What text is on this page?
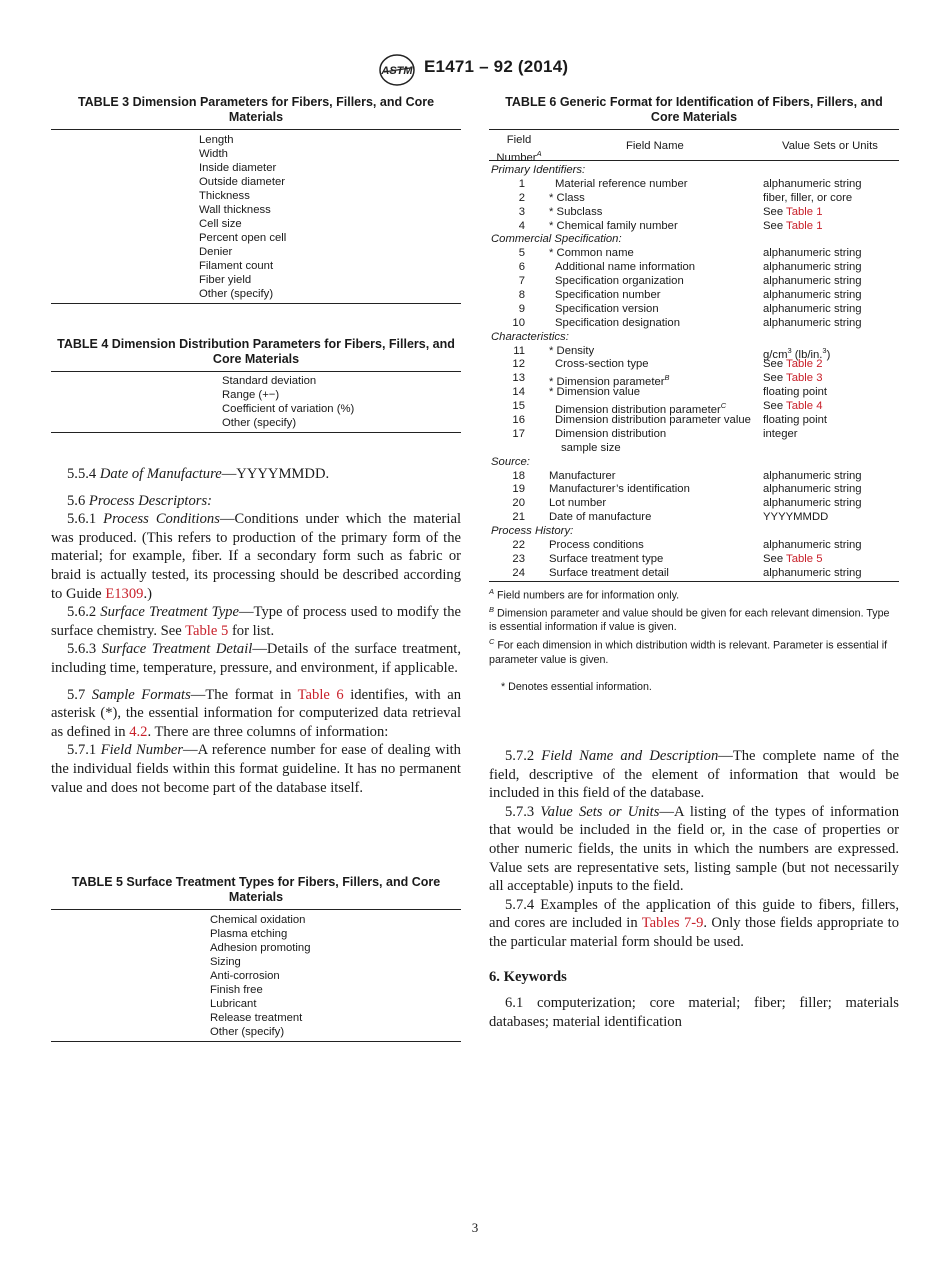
ASTM E1471 – 92 (2014)
TABLE 3 Dimension Parameters for Fibers, Fillers, and Core Materials
Length
Width
Inside diameter
Outside diameter
Thickness
Wall thickness
Cell size
Percent open cell
Denier
Filament count
Fiber yield
Other (specify)
TABLE 4 Dimension Distribution Parameters for Fibers, Fillers, and Core Materials
Standard deviation
Range (+−)
Coefficient of variation (%)
Other (specify)

5.5.4 Date of Manufacture—YYYYMMDD.

5.6 Process Descriptors:

5.6.1 Process Conditions—Conditions under which the material was produced. (This refers to production of the primary form of the material; for example, fiber. If a secondary form such as fabric or braid is actually tested, its processing should be described according to Guide E1309.)

5.6.2 Surface Treatment Type—Type of process used to modify the surface chemistry. See Table 5 for list.

5.6.3 Surface Treatment Detail—Details of the surface treatment, including time, temperature, pressure, and environment, if applicable.

5.7 Sample Formats—The format in Table 6 identifies, with an asterisk (*), the essential information for computerized data retrieval as defined in 4.2. There are three columns of information:

5.7.1 Field Number—A reference number for ease of dealing with the individual fields within this format guideline. It has no permanent value and does not become part of the database itself.

TABLE 5 Surface Treatment Types for Fibers, Fillers, and Core Materials
Chemical oxidation
Plasma etching
Adhesion promoting
Sizing
Anti-corrosion
Finish free
Lubricant
Release treatment
Other (specify)
TABLE 6 Generic Format for Identification of Fibers, Fillers, and Core Materials
Field
Number$^A$
Field Name	Value Sets or Units
Primary Identifiers:
1	Material reference number	alphanumeric string
2 * Class	fiber, filler, or core
3 * Subclass	See Table 1
4 * Chemical family number	See Table 1
Commercial Specification:
5 * Common name	alphanumeric string
6	Additional name information	alphanumeric string
7	Specification organization	alphanumeric string
8	Specification number	alphanumeric string
9	Specification version	alphanumeric string
10	Specification designation	alphanumeric string
Characteristics:
11 * Density	$g/cm^3$ (lb/in.$^3$)
12	Cross-section type	See Table 2
13 * Dimension parameter$^B$	See Table 3
14 * Dimension value	floating point
15	Dimension distribution parameter$^C$	See Table 4
16	Dimension distribution parameter value floating point
17	Dimension distribution	integer
sample size
Source:
18 Manufacturer	alphanumeric string
19 Manufacturer’s identification	alphanumeric string
20 Lot number	alphanumeric string
21 Date of manufacture	YYYYMMDD
Process History:
22 Process conditions	alphanumeric string
23 Surface treatment type	See Table 5
24 Surface treatment detail	alphanumeric string
$^A$ Field numbers are for information only.
$^B$ Dimension parameter and value should be given for each relevant dimension. Type is essential information if value is given.
$^C$ For each dimension in which distribution width is relevant. Parameter is essential if parameter value is given.
* Denotes essential information.

5.7.2 Field Name and Description—The complete name of the field, descriptive of the element of information that would be included in this field of the database.

5.7.3 Value Sets or Units—A listing of the types of information that would be included in the field or, in the case of properties or other numeric fields, the units in which the numbers are expressed. Value sets are representative sets, listing sample (but not necessarily all acceptable) inputs to the field.

5.7.4 Examples of the application of this guide to fibers, fillers, and cores are included in Tables 7-9. Only those fields appropriate to the particular material form should be used.

6. Keywords

6.1 computerization; core material; fiber; filler; materials databases; material identification

3
